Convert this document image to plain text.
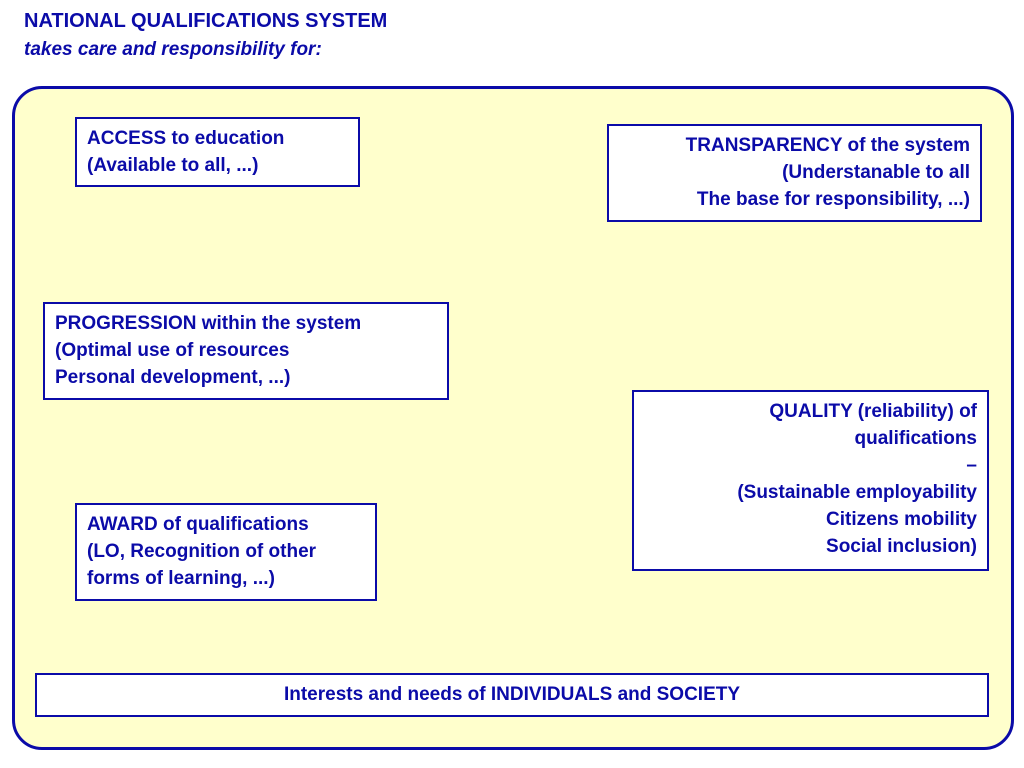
NATIONAL QUALIFICATIONS SYSTEM
takes care and responsibility for:
ACCESS to education
(Available to all, ...)
TRANSPARENCY of the system
(Understanable to all
The base for responsibility, ...)
PROGRESSION within the system
(Optimal use of resources
Personal development, ...)
QUALITY (reliability) of
qualifications
–
(Sustainable employability
Citizens mobility
Social inclusion)
AWARD of qualifications
(LO, Recognition of other
forms of learning, ...)
Interests and needs of INDIVIDUALS and SOCIETY
